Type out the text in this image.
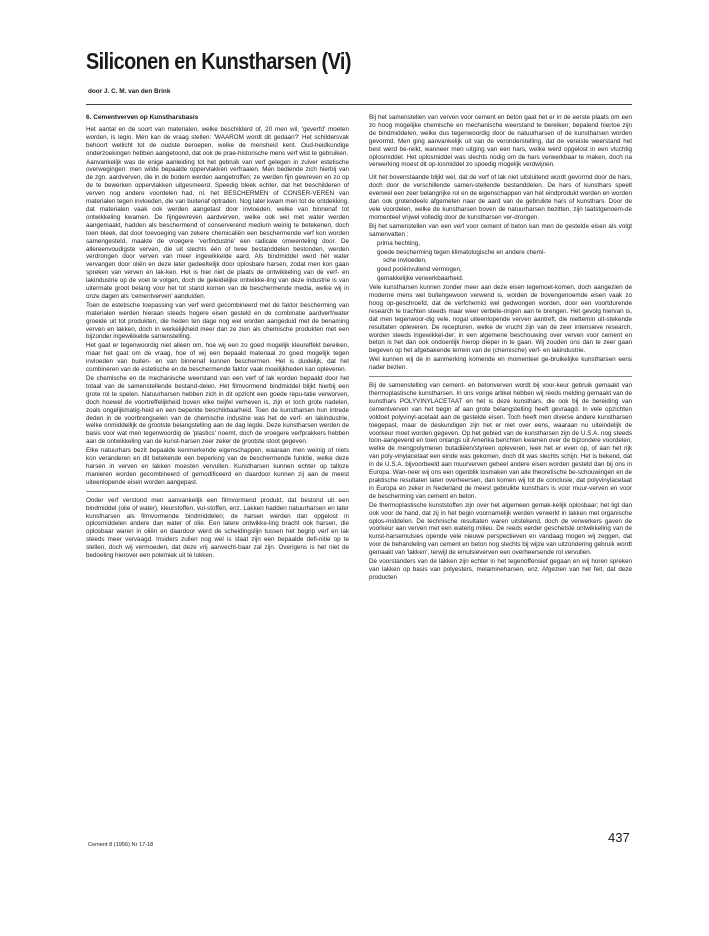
Siliconen en Kunstharsen (Vi)

door J. C. M. van den Brink

6. Cementverven op Kunstharsbasis

Het aantal en de soort van materialen, welke beschilderd of, 20 men wil, 'geverfd' moeten worden, is legio. Men kan de vraag stellen: 'WAAROM wordt dit gedaan?' Het schildersvak behoort wellicht tot de oudste beroepen, welke de mensheid kent. Oud-heidkundige onderzoekingen hebben aangetoond, dat ook de prae-historische mens verf wist te gebruiken.

Aanvankelijk was de enige aanleiding tot het gebruik van verf gelegen in zuiver estetische overwegingen: men wilde bepaalde oppervlakken verfraaien. Men bediende zich hierbij van de zgn. aardverven, die in de bodem werden aangetroffen; ze werden fijn gewreven en zo op de te bewerken oppervlakken uitgesmeerd. Speedig bleek echter, dat het beschilderen of verven nog andere voordelen had, nl. het BESCHERMEN of CONSER-VEREN van materialen tegen invloeden, die van buitenaf optraden. Nog later kwam men tot de ontdekking, dat materialen vaak ook werden aangetast door invloeden, welke van binnenaf tot ontwikkeling kwamen. De fijngewreven aardverven, welke ook wel met water werden aangemaakt, hadden als beschermend of conserverend medium weinig te betekenen, doch toen bleek, dat door toevoeging van zekere chemicaliën een beschermende verf kon worden samengesteld, maakte de vroegere 'verfindustrie' een radicale omwenteling door. De allereenvoudigste verven, die uit slechts één of twee bestanddelen bestonden, werden verdrongen door verven van meer ingewikkelde aard. Als bindmiddel werd het water vervangen door oliën en deze later gedeeltelijk door oplosbare harsen, zodat men kon gaan spreken van verven en lak-ken. Het is hier niet de plaats de ontwikkeling van de verf- en lakindustrie op de voet te volgen, doch de geleidelijke ontwikke-ling van deze industrie is van uitermate groot belang voor het tot stand komen van de beschermende media, welke wij in onze dagen als 'cementverven' aanduiden.

Toen de estetische toepassing van verf werd gecombineerd met de faktor bescherming van materialen werden hieraan steeds hogere eisen gesteld en de combinatie aardverf/water groeide uit tot produkten, die heden ten dage nog wel worden aangeduid met de benaming verven en lakken, doch in werkelijkheid meer dan ze zien als chemische produkten met een bijzonder ingewikkelde samenstelling.

Het gaat er tegenwoordig niet alleen om, hoe wij een zo goed mogelijk kleureffekt bereiken, maar het gaat om de vraag, hoe of wij een bepaald materiaal zo goed mogelijk tegen invloeden van buiten- en van binnenaf kunnen beschermen. Het is duidelijk, dat het combineren van de estetische en de beschermende faktor vaak moeilijkheden kan opleveren.

De chemische en de mechanische weerstand van een verf of lak worden bepaald door het totaal van de samenstellende bestand-delen. Het filmvormend bindmiddel blijkt hierbij een grote rol te spelen. Natuurharsen hebben zich in dit opzicht een goede repu-tatie verworven, doch hoewel de voortreffelijkheid boven elke twijfel verheven is, zijn er toch grote nadelen, zoals ongelijkmatig-heid en een beperkte beschikbaarheid. Toen de kunstharsen hun intrede deden in de voorbrengselen van de chemische industrie was het de verf- en lakindustrie, welke onmiddellijk de grootste belangstelling aan de dag legde. Deze kunstharsen werden de basis voor wat men tegenwoordig de 'plastics' noemt, doch de vroegere verfprakkers hebben aan de ontwikkeling van de kunst-harsen zeer zeker de grootste stoot gegeven.

Elke natuurhars bezit bepaalde kenmerkende eigenschappen, waaraan men weinig of niets kon veranderen en dit betekende een beperking van de beschermende funktie, welke deze harsen in verven en lakken moesten vervullen. Kunstharsen kunnen echter op talloze manieren worden gecombineerd of gemodificeerd en daardoor kunnen zij aan de meest uiteenlopende eisen worden aangepast.

Onder verf verstond men aanvankelijk een filmvormend produkt, dat bestond uit een bindmiddel (olie of water), kleurstoffen, vul-stoffen, enz. Lakken hadden natuurharsen en later kunstharsen als filmvormende bindmiddelen; de harsen werden dan opgelost in oplosmiddelen andere dan water of olie. Een latere ontwikke-ling bracht ook harsen, die oplosbaar waren in oliën en daardoor werd de scheidingslijn tussen het begrip verf en lak steeds meer vervaagd. Insiders zullen nog wel is staat zijn een bepaalde defi-nitie op te stellen, doch wij vermoeden, dat deze vrij aanvecht-baar zal zijn. Overigens is het niet de bedoeling hierover een polemiek uit te lokken.

Bij het samenstellen van verven voor cement en beton gaat het er in de eerste plaats om een zo hoog mogelijke chemische en mechanische weerstand te bereiken; bepalend hiertoe zijn de bindmiddelen, welke dus tegenwoordig door de natuurharsen of de kunstharsen worden gevormd. Men ging aanvankelijk uit van de veronderstelling, dat de vereiste weerstand het best werd be-reikt, wanneer men uitging van een hars, welke werd opgelost in een vluchtig oplosmiddel. Het oplosmiddel was slechts nodig om de hars verwerkbaar te maken, doch na verwerking moest dit op-losmiddel zo spoedig mogelijk verdwijnen.

Uit het bovenstaande blijkt wel, dat de verf of lak niet uitsluitend wordt gevormd door de hars, doch door de verschillende samen-stellende bestanddelen. De hars of kunsthars speelt evenwel een zeer belangrijke rol en de eigenschappen van het eindprodukt werden en worden dan ook grotendeels afgemeten naar de aard van de gebruikte hars of kunsthars. Door de vele voordelen, welke de kunstharsen boven de natuurharsen bezitten, zijn laatstgenoem-de momenteel vrijwel volledig door de kunstharsen ver-drongen.

Bij het samenstellen van een verf voor cement of beton kan men de gestelde eisen als volgt samenvatten :

prima hechting,

goede bescherming tegen klimatologische en andere chemi-

sche invloeden,

goed poriënvullend vermogen,

gemakkelijke verwerkbaarheid.

Vele kunstharsen kunnen zonder meer aan deze eisen tegemoet-komen, doch aangezien de moderne mens wel buitengewoon verwend is, worden de bovengenoemde eisen vaak zo hoog op-geschroefd, dat de verfchemici wel gedwongen worden, door een voortdurende research te trachten steeds maar weer verbete-ringen aan te brengen. Het gevolg hiervan is, dat men tegenwoor-dig vele, nogal uiteenlopende verven aantreft, die niettemin uit-stekende resultaten opleveren. De recepturen, welke de vrucht zijn van de zeer intensieve research, worden steeds ingewikkel-der; in een algemene beschouwing over verven voor cement en beton is het dan ook ondoenlijk hierop dieper in te gaan. Wij zouden ons dan te zeer gaan begeven op het afgebakende terrein van de (chemische) verf- en lakindustrie.

Wel kunnen wij de in aanmerking komende en momenteel ge-bruikelijke kunstharsen eens nader bezien.

Bij de samenstelling van cement- en betonverven wordt bij voor-keur gebruik gemaakt van thermoplastische kunstharsen. In ons vorige artikel hebben wij reeds melding gemaakt van de kunsthars POLYVINYLACETAAT en het is deze kunsthars, die ook bij de bereiding van cementverven van het begin af aan grote belangstelling heeft gevraagd. In vele opzichten voldoet polyvinyl-acetaat aan de gestelde eisen. Toch heeft men diverse andere kunstharsen toegepast, maar de deskundigen zijn het er niet over eens, waaraan nu uiteindelijk de voorkeur moet worden gegeven. Op het gebied van de kunstharsen zijn de U.S.A. nog steeds toon-aangevend en toen onlangs uit Amerika berichten kwamen over de bijzondere voordelen, welke de mengpolymeren butadiëen/styreen opleveren, leek het er even op, of aan het rijk van poly-vinylacetaat een einde was gekomen, doch dit was slechts schijn. Het is bekend, dat in de U.S.A. bijvoorbeeld aan muurverven geheel andere eisen worden gesteld dan bij ons in Europa. Wan-neer wij ons een ogenblik losmaken van alle theoretische be-schouwingen en de praktische resultaten laten overheersen, dan komen wij tot de conclusie, dat polyvinylacetaat in Europa en zeker in Nederland de meest gebruikte kunsthars is voor muur-verven en voor de bescherming van cement en beton.

De thermoplastische kunststoffen zijn over het algemeen gemak-kelijk oplosbaar; het ligt dan ook voor de hand, dat zij in het begin voornamelijk werden verwerkt in lakken met organische oplos-middelen. De technische resultaten waren uitstekend, doch de verwerkers gaven de voorkeur aan verven met een waterig milieu. De reeds eerder geschetste ontwikkeling van de kunst-harsemulsies opende vele nieuwe perspectieven en vandaag mogen wij zeggen, dat voor de behandeling van cement en beton nog slechts bij wijze van uitzondering gebruik wordt gemaakt van 'lakken', terwijl de emulsieverven een overheersende rol vervullen.

De voorstanders van de lakken zijn echter in het tegenoffensief gegaan en wij horen spreken van lakken op basis van polyesters, melamineharsen, enz. Afgezien van het feit, dat deze producten

Cement 8 (1956) Nr 17-18	437
